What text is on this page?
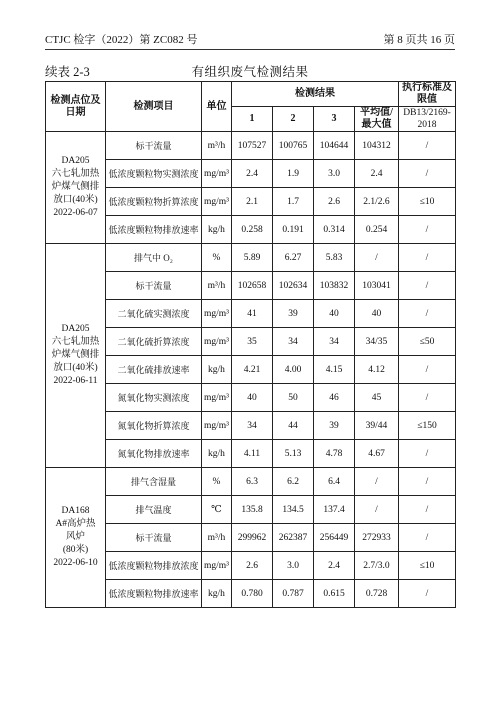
CTJC 检字（2022）第 ZC082 号	第 8 页共 16 页
续表 2-3	有组织废气检测结果
检测点位及日期	检测项目	单位	检测结果				执行标准及限值
			1	2	3	平均值/最大值	DB13/2169-2018

DA205
六七轧加热
炉煤气侧排
放口(40米)
2022-06-07	标干流量	m³/h	107527	100765	104644	104312	/
	低浓度颗粒物实测浓度	mg/m³	2.4	1.9	3.0	2.4	/
	低浓度颗粒物折算浓度	mg/m³	2.1	1.7	2.6	2.1/2.6	≤10
	低浓度颗粒物排放速率	kg/h	0.258	0.191	0.314	0.254	/

DA205
六七轧加热
炉煤气侧排
放口(40米)
2022-06-11	排气中 O₂	%	5.89	6.27	5.83	/	/
	标干流量	m³/h	102658	102634	103832	103041	/
	二氧化硫实测浓度	mg/m³	41	39	40	40	/
	二氧化硫折算浓度	mg/m³	35	34	34	34/35	≤50
	二氧化硫排放速率	kg/h	4.21	4.00	4.15	4.12	/
	氮氧化物实测浓度	mg/m³	40	50	46	45	/
	氮氧化物折算浓度	mg/m³	34	44	39	39/44	≤150
	氮氧化物排放速率	kg/h	4.11	5.13	4.78	4.67	/

DA168
A#高炉热
风炉
(80米)
2022-06-10	排气含湿量	%	6.3	6.2	6.4	/	/
	排气温度	℃	135.8	134.5	137.4	/	/
	标干流量	m³/h	299962	262387	256449	272933	/
	低浓度颗粒物排放浓度	mg/m³	2.6	3.0	2.4	2.7/3.0	≤10
	低浓度颗粒物排放速率	kg/h	0.780	0.787	0.615	0.728	/
